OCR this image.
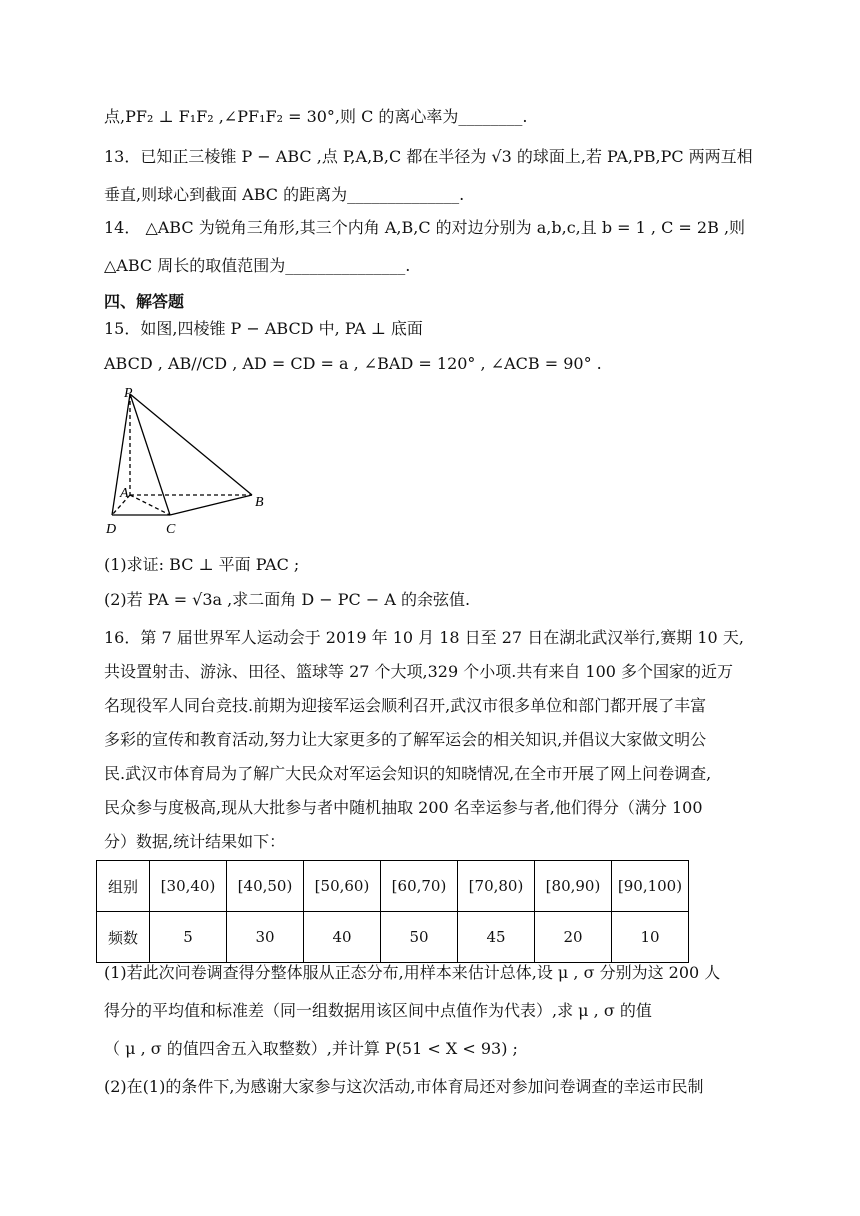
点,PF₂ ⊥ F₁F₂ ,∠PF₁F₂ = 30°,则 C 的离心率为________.
13．已知正三棱锥 P − ABC ,点 P,A,B,C 都在半径为 √3 的球面上,若 PA,PB,PC 两两互相
垂直,则球心到截面 ABC 的距离为______________.
14． △ABC 为锐角三角形,其三个内角 A,B,C 的对边分别为 a,b,c,且 b = 1 , C = 2B ,则
△ABC 周长的取值范围为_______________.
四、解答题
15．如图,四棱锥 P − ABCD 中, PA ⊥ 底面
ABCD , AB//CD , AD = CD = a , ∠BAD = 120° , ∠ACB = 90° .
P
A
B
C
D
(1)求证: BC ⊥ 平面 PAC ;
(2)若 PA = √3a ,求二面角 D − PC − A 的余弦值.
16．第 7 届世界军人运动会于 2019 年 10 月 18 日至 27 日在湖北武汉举行,赛期 10 天,
共设置射击、游泳、田径、篮球等 27 个大项,329 个小项.共有来自 100 多个国家的近万
名现役军人同台竞技.前期为迎接军运会顺利召开,武汉市很多单位和部门都开展了丰富
多彩的宣传和教育活动,努力让大家更多的了解军运会的相关知识,并倡议大家做文明公
民.武汉市体育局为了解广大民众对军运会知识的知晓情况,在全市开展了网上问卷调查,
民众参与度极高,现从大批参与者中随机抽取 200 名幸运参与者,他们得分（满分 100
分）数据,统计结果如下：
组别	[30,40)	[40,50)	[50,60)	[60,70)	[70,80)	[80,90)	[90,100)
频数	5	30	40	50	45	20	10
(1)若此次问卷调查得分整体服从正态分布,用样本来估计总体,设 μ , σ 分别为这 200 人
得分的平均值和标准差（同一组数据用该区间中点值作为代表）,求 μ , σ 的值
（ μ , σ 的值四舍五入取整数）,并计算 P(51 < X < 93) ;
(2)在(1)的条件下,为感谢大家参与这次活动,市体育局还对参加问卷调查的幸运市民制
